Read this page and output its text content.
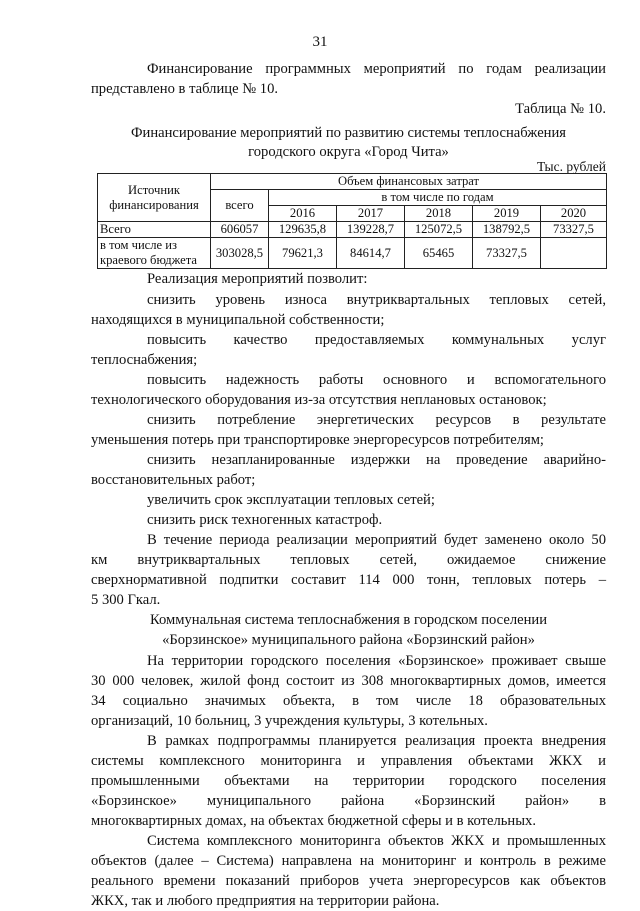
31
Финансирование программных мероприятий по годам реализации
представлено в таблице № 10.
Таблица № 10.
Финансирование мероприятий по развитию системы теплоснабжения
городского округа «Город Чита»
Тыс. рублей
Источник финансирования	Объем финансовых затрат					
	всего	в том числе по годам				
		2016	2017	2018	2019	2020
Всего	606057	129635,8	139228,7	125072,5	138792,5	73327,5
в том числе из краевого бюджета	303028,5	79621,3	84614,7	65465	73327,5	
Реализация мероприятий позволит:
снизить уровень износа внутриквартальных тепловых сетей,
находящихся в муниципальной собственности;
повысить качество предоставляемых коммунальных услуг
теплоснабжения;
повысить надежность работы основного и вспомогательного
технологического оборудования из-за отсутствия неплановых остановок;
снизить потребление энергетических ресурсов в результате
уменьшения потерь при транспортировке энергоресурсов потребителям;
снизить незапланированные издержки на проведение аварийно-
восстановительных работ;
увеличить срок эксплуатации тепловых сетей;
снизить риск техногенных катастроф.
В течение периода реализации мероприятий будет заменено около 50
км внутриквартальных тепловых сетей, ожидаемое снижение
сверхнормативной подпитки составит 114 000 тонн, тепловых потерь –
5 300 Гкал.
Коммунальная система теплоснабжения в городском поселении
«Борзинское» муниципального района «Борзинский район»
На территории городского поселения «Борзинское» проживает свыше
30 000 человек, жилой фонд состоит из 308 многоквартирных домов, имеется
34 социально значимых объекта, в том числе 18 образовательных
организаций, 10 больниц, 3 учреждения культуры, 3 котельных.
В рамках подпрограммы планируется реализация проекта внедрения
системы комплексного мониторинга и управления объектами ЖКХ и
промышленными объектами на территории городского поселения
«Борзинское» муниципального района «Борзинский район» в
многоквартирных домах, на объектах бюджетной сферы и в котельных.
Система комплексного мониторинга объектов ЖКХ и промышленных
объектов (далее – Система) направлена на мониторинг и контроль в режиме
реального времени показаний приборов учета энергоресурсов как объектов
ЖКХ, так и любого предприятия на территории района.
